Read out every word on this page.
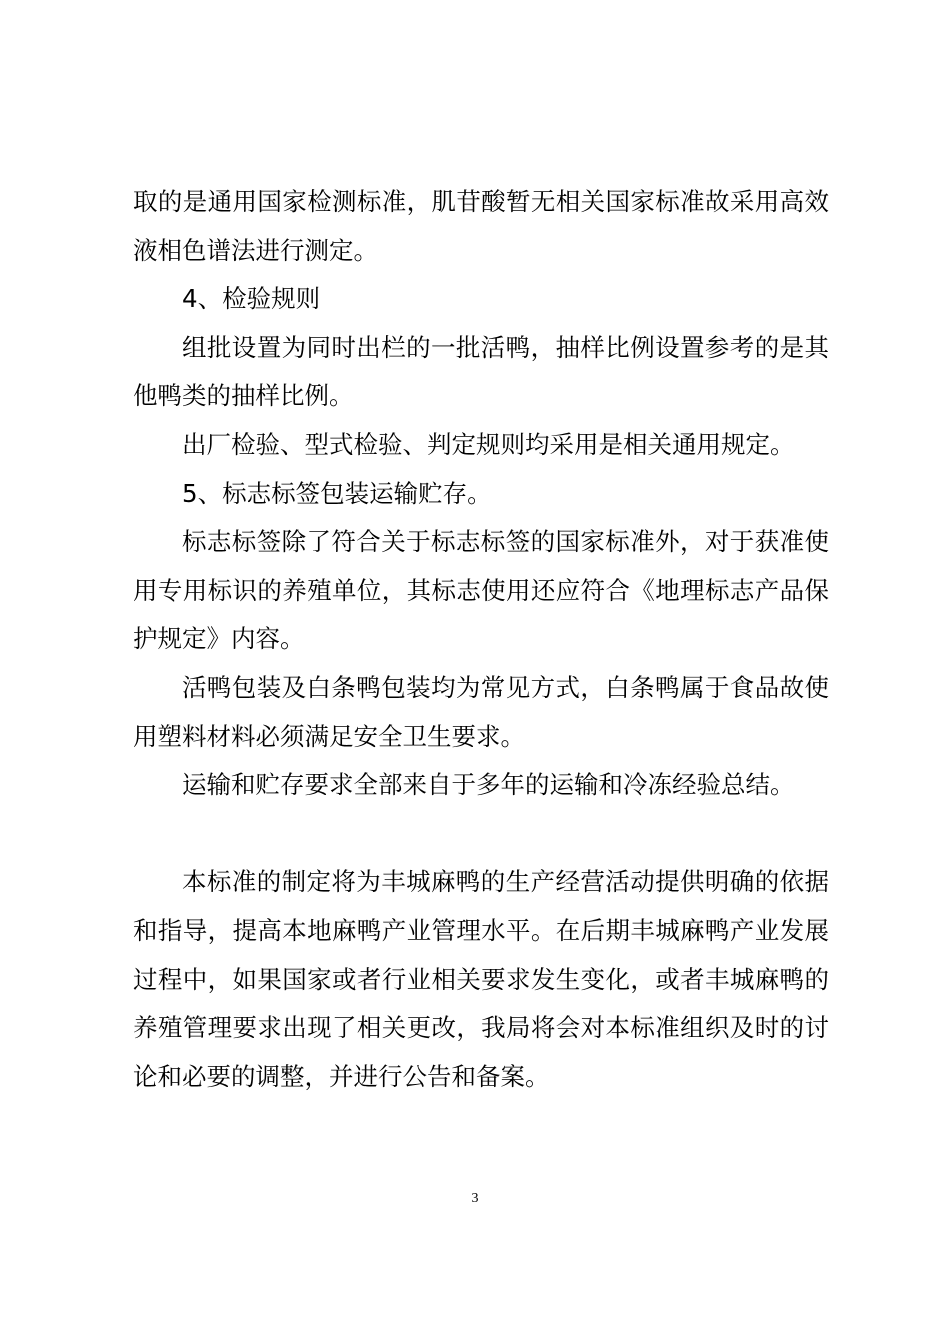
取的是通用国家检测标准，肌苷酸暂无相关国家标准故采用高效液相色谱法进行测定。

4、检验规则

组批设置为同时出栏的一批活鸭，抽样比例设置参考的是其他鸭类的抽样比例。

出厂检验、型式检验、判定规则均采用是相关通用规定。

5、标志标签包装运输贮存。

标志标签除了符合关于标志标签的国家标准外，对于获准使用专用标识的养殖单位，其标志使用还应符合《地理标志产品保护规定》内容。

活鸭包装及白条鸭包装均为常见方式，白条鸭属于食品故使用塑料材料必须满足安全卫生要求。

运输和贮存要求全部来自于多年的运输和冷冻经验总结。

本标准的制定将为丰城麻鸭的生产经营活动提供明确的依据和指导，提高本地麻鸭产业管理水平。在后期丰城麻鸭产业发展过程中，如果国家或者行业相关要求发生变化，或者丰城麻鸭的养殖管理要求出现了相关更改，我局将会对本标准组织及时的讨论和必要的调整，并进行公告和备案。

3
